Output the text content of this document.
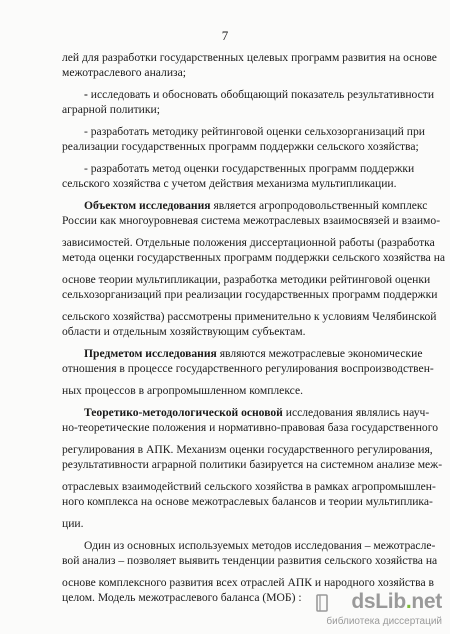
7
лей для разработки государственных целевых программ развития на основе
межотраслевого анализа;
- исследовать и обосновать обобщающий показатель результативности
аграрной политики;
- разработать методику рейтинговой оценки сельхозорганизаций при
реализации государственных программ поддержки сельского хозяйства;
- разработать метод оценки государственных программ поддержки
сельского хозяйства с учетом действия механизма мультипликации.
Объектом исследования является агропродовольственный комплекс
России как многоуровневая система межотраслевых взаимосвязей и взаимо-
зависимостей. Отдельные положения диссертационной работы (разработка
метода оценки государственных программ поддержки сельского хозяйства на
основе теории мультипликации, разработка методики рейтинговой оценки
сельхозорганизаций при реализации государственных программ поддержки
сельского хозяйства) рассмотрены применительно к условиям Челябинской
области и отдельным хозяйствующим субъектам.
Предметом исследования являются межотраслевые экономические
отношения в процессе государственного регулирования воспроизводствен-
ных процессов в агропромышленном комплексе.
Теоретико-методологической основой исследования являлись науч-
но-теоретические положения и нормативно-правовая база государственного
регулирования в АПК. Механизм оценки государственного регулирования,
результативности аграрной политики базируется на системном анализе меж-
отраслевых взаимодействий сельского хозяйства в рамках агропромышлен-
ного комплекса на основе межотраслевых балансов и теории мультиплика-
ции.
Один из основных используемых методов исследования – межотрасле-
вой анализ – позволяет выявить тенденции развития сельского хозяйства на
основе комплексного развития всех отраслей АПК и народного хозяйства в
целом. Модель межотраслевого баланса (МОБ) : dsLib.net
библиотека диссертаций
